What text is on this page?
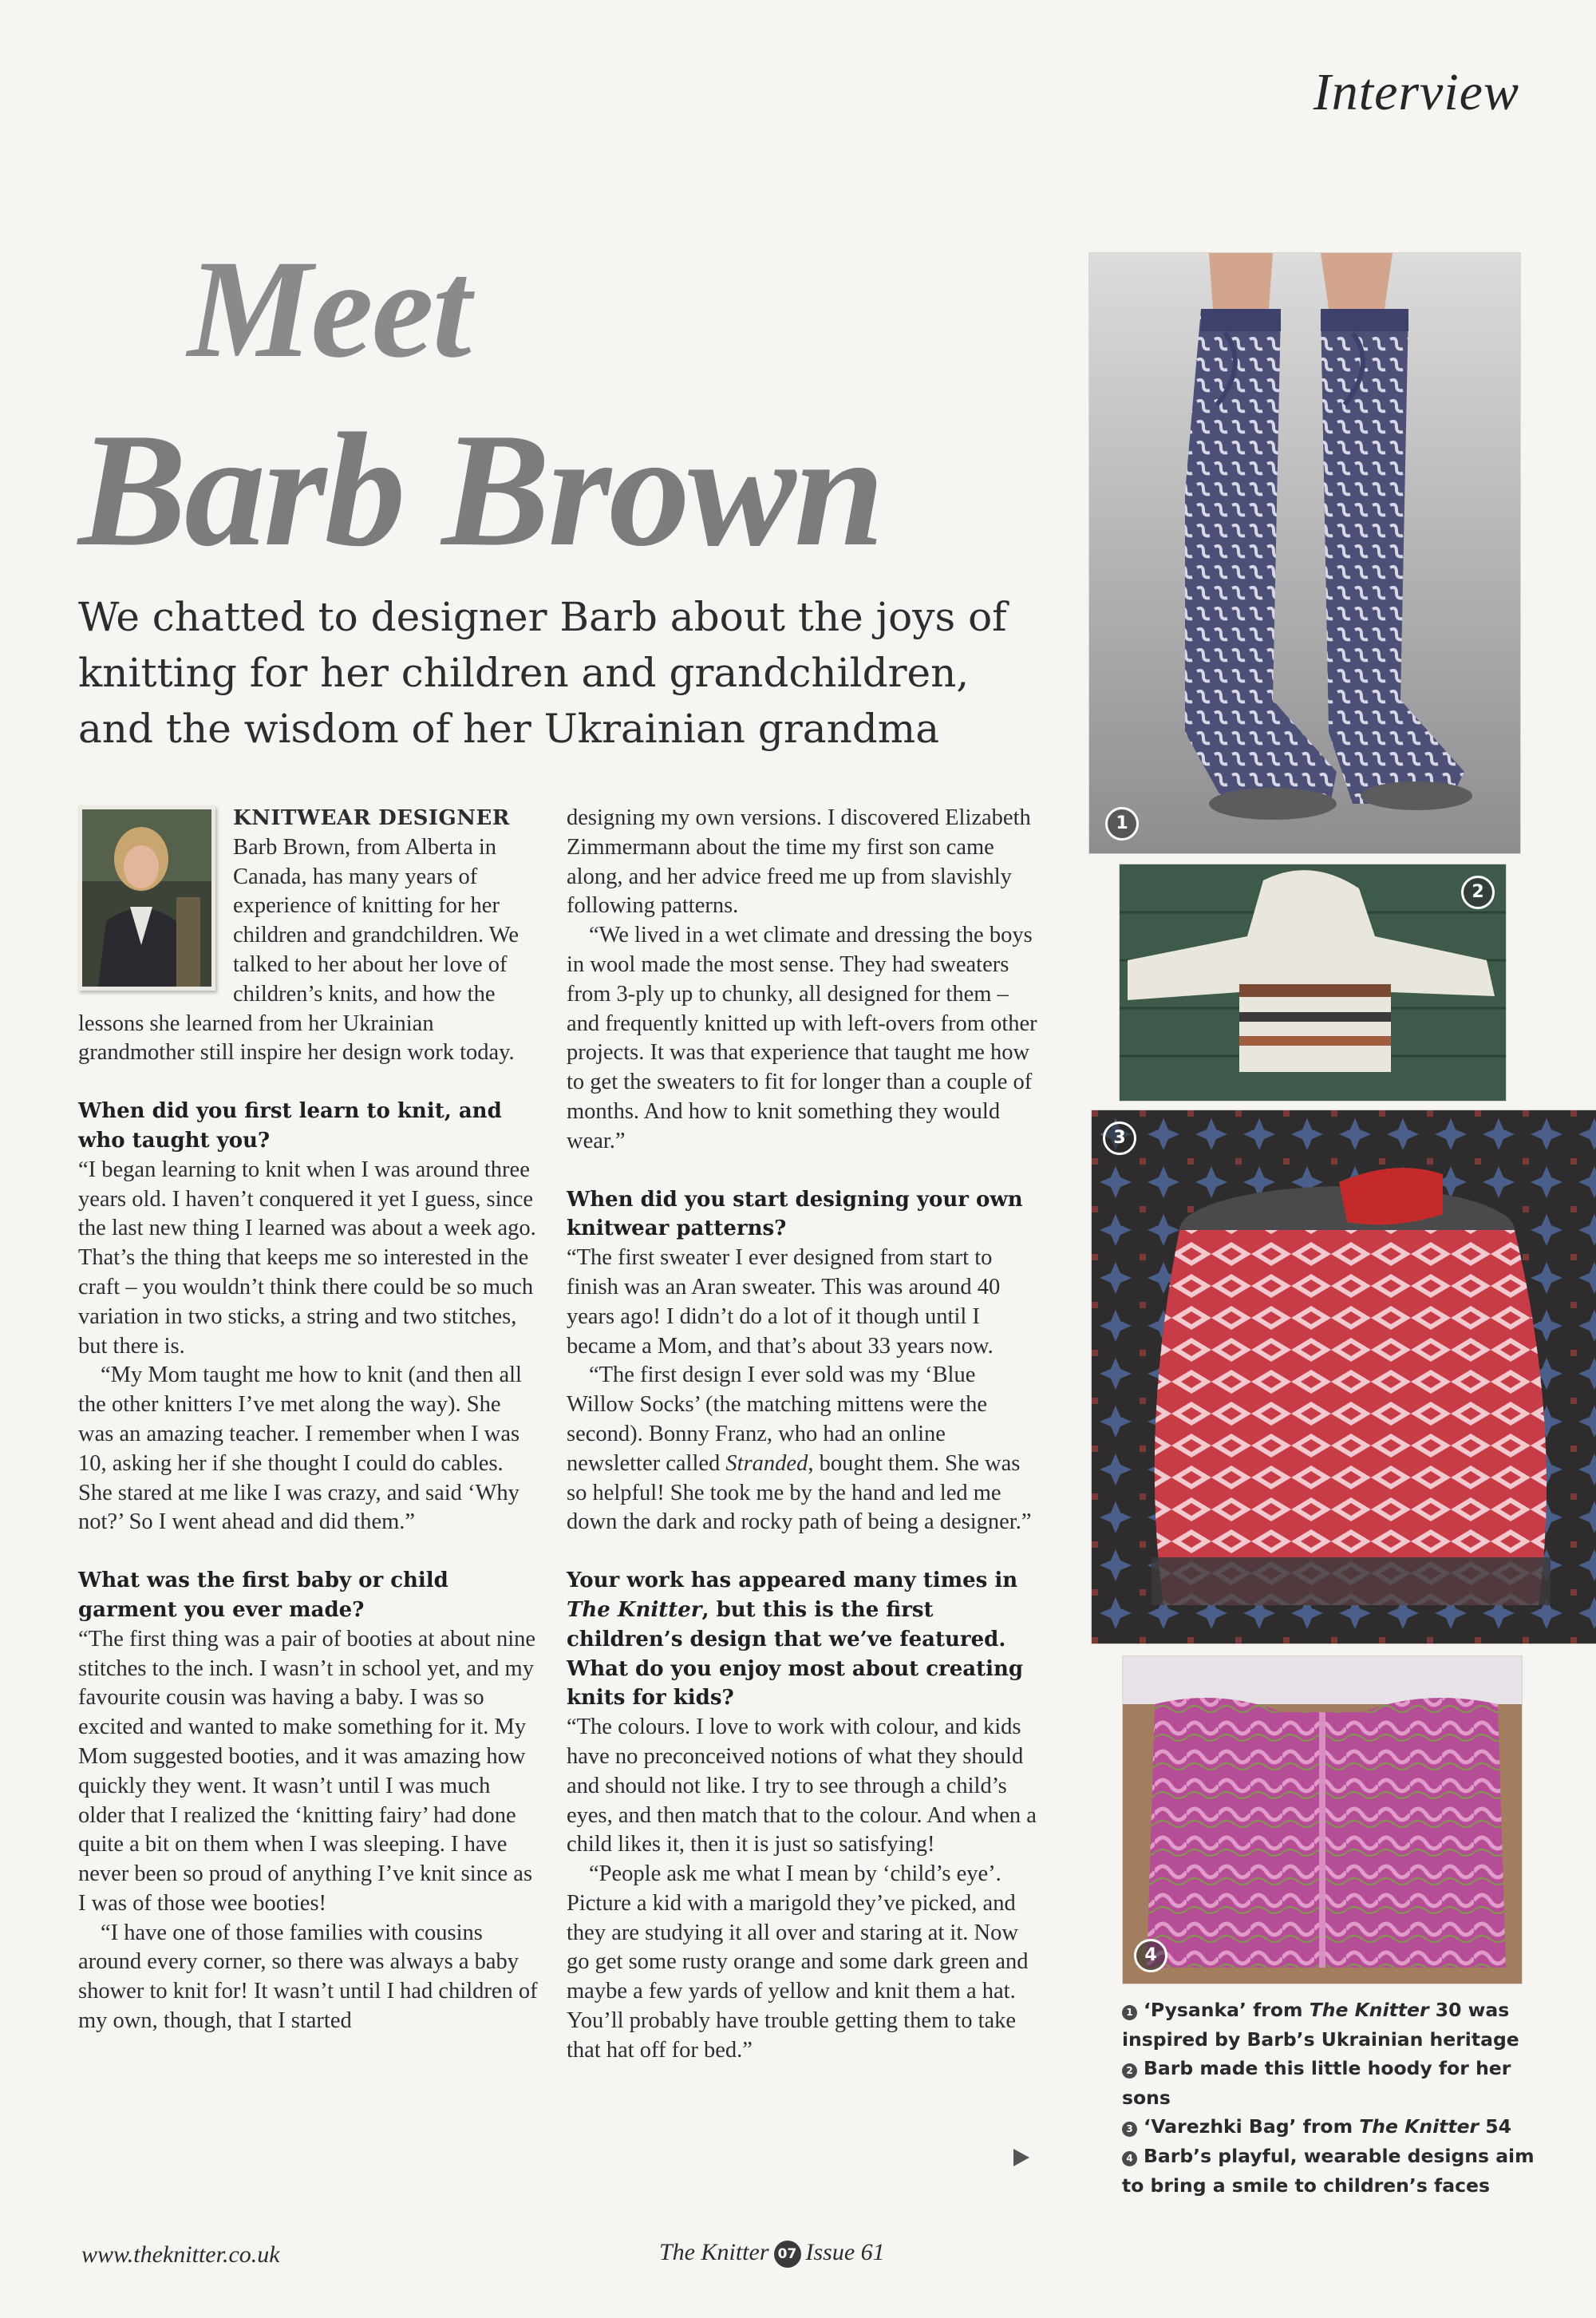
Interview
Meet
Barb Brown
We chatted to designer Barb about the joys of knitting for her children and grandchildren, and the wisdom of her Ukrainian grandma
KNITWEAR DESIGNER

Barb Brown, from Alberta in Canada, has many years of experience of knitting for her children and grandchildren. We talked to her about her love of children’s knits, and how the lessons she learned from her Ukrainian grandmother still inspire her design work today.

When did you first learn to knit, and who taught you?

“I began learning to knit when I was around three years old. I haven’t conquered it yet I guess, since the last new thing I learned was about a week ago. That’s the thing that keeps me so interested in the craft – you wouldn’t think there could be so much variation in two sticks, a string and two stitches, but there is.

“My Mom taught me how to knit (and then all the other knitters I’ve met along the way). She was an amazing teacher. I remember when I was 10, asking her if she thought I could do cables. She stared at me like I was crazy, and said ‘Why not?’ So I went ahead and did them.”

What was the first baby or child garment you ever made?

“The first thing was a pair of booties at about nine stitches to the inch. I wasn’t in school yet, and my favourite cousin was having a baby. I was so excited and wanted to make something for it. My Mom suggested booties, and it was amazing how quickly they went. It wasn’t until I was much older that I realized the ‘knitting fairy’ had done quite a bit on them when I was sleeping. I have never been so proud of anything I’ve knit since as I was of those wee booties!

“I have one of those families with cousins around every corner, so there was always a baby shower to knit for! It wasn’t until I had children of my own, though, that I started

designing my own versions. I discovered Elizabeth Zimmermann about the time my first son came along, and her advice freed me up from slavishly following patterns.

“We lived in a wet climate and dressing the boys in wool made the most sense. They had sweaters from 3-ply up to chunky, all designed for them – and frequently knitted up with left-overs from other projects. It was that experience that taught me how to get the sweaters to fit for longer than a couple of months. And how to knit something they would wear.”

When did you start designing your own knitwear patterns?

“The first sweater I ever designed from start to finish was an Aran sweater. This was around 40 years ago! I didn’t do a lot of it though until I became a Mom, and that’s about 33 years now.

“The first design I ever sold was my ‘Blue Willow Socks’ (the matching mittens were the second). Bonny Franz, who had an online newsletter called Stranded, bought them. She was so helpful! She took me by the hand and led me down the dark and rocky path of being a designer.”

Your work has appeared many times in The Knitter, but this is the first children’s design that we’ve featured. What do you enjoy most about creating knits for kids?

“The colours. I love to work with colour, and kids have no preconceived notions of what they should and should not like. I try to see through a child’s eyes, and then match that to the colour. And when a child likes it, then it is just so satisfying!

“People ask me what I mean by ‘child’s eye’. Picture a kid with a marigold they’ve picked, and they are studying it all over and staring at it. Now go get some rusty orange and some dark green and maybe a few yards of yellow and knit them a hat. You’ll probably have trouble getting them to take that hat off for bed.”

1
2
3
4

1 ‘Pysanka’ from The Knitter 30 was inspired by Barb’s Ukrainian heritage

2 Barb made this little hoody for her sons

3 ‘Varezhki Bag’ from The Knitter 54

4 Barb’s playful, wearable designs aim to bring a smile to children’s faces

www.theknitter.co.uk	The Knitter 07 Issue 61
